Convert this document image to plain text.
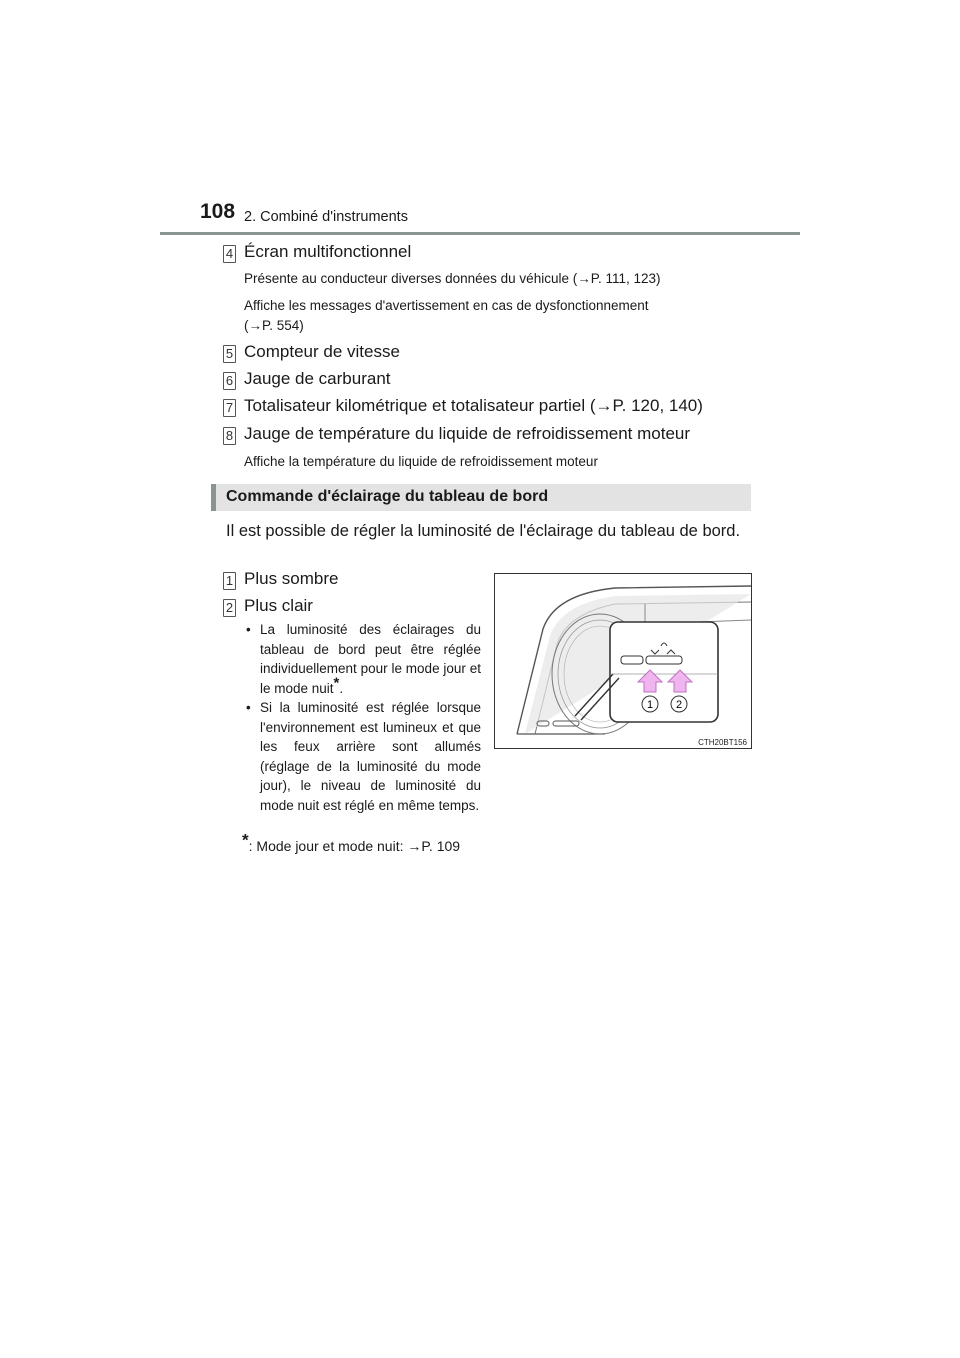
108 2. Combiné d'instruments
4 Écran multifonctionnel
Présente au conducteur diverses données du véhicule (→P. 111, 123)
Affiche les messages d'avertissement en cas de dysfonctionnement
(→P. 554)
5 Compteur de vitesse
6 Jauge de carburant
7 Totalisateur kilométrique et totalisateur partiel (→P. 120, 140)
8 Jauge de température du liquide de refroidissement moteur
Affiche la température du liquide de refroidissement moteur
Commande d'éclairage du tableau de bord
Il est possible de régler la luminosité de l'éclairage du tableau de bord.
1 Plus sombre
2 Plus clair
• La luminosité des éclairages du tableau de bord peut être réglée individuellement pour le mode jour et le mode nuit*.
• Si la luminosité est réglée lorsque l'environnement est lumineux et que les feux arrière sont allumés (réglage de la luminosité du mode jour), le niveau de luminosité du mode nuit est réglé en même temps.
*: Mode jour et mode nuit: →P. 109
1 2
CTH20BT156
